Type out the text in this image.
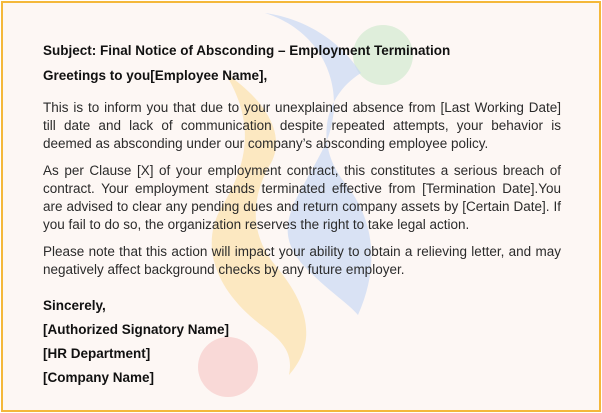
Subject: Final Notice of Absconding – Employment Termination

Greetings to you[Employee Name],

This is to inform you that due to your unexplained absence from [Last Working Date] till date and lack of communication despite repeated attempts, your behavior is deemed as absconding under our company’s absconding employee policy.

As per Clause [X] of your employment contract, this constitutes a serious breach of contract. Your employment stands terminated effective from [Termination Date].You are advised to clear any pending dues and return company assets by [Certain Date]. If you fail to do so, the organization reserves the right to take legal action.

Please note that this action will impact your ability to obtain a relieving letter, and may negatively affect background checks by any future employer.

Sincerely,

[Authorized Signatory Name]

[HR Department]

[Company Name]
